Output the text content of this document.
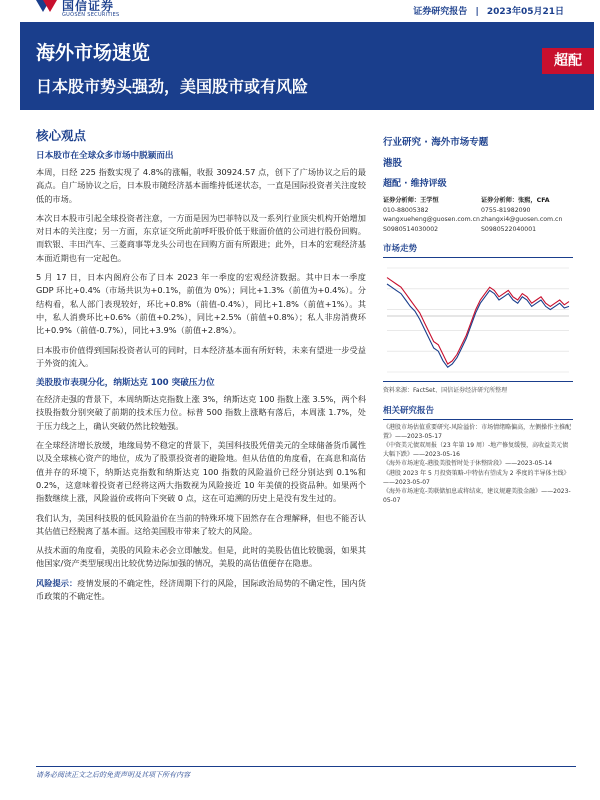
国信证券
GUOSEN SECURITIES	证券研究报告 | 2023年05月21日
海外市场速览
日本股市势头强劲，美国股市或有风险
超配
核心观点
日本股市在全球众多市场中脱颖而出

本周，日经 225 指数实现了 4.8%的涨幅，收报 30924.57 点，创下了广场协议之后的最高点。自广场协议之后，日本股市随经济基本面维持低迷状态，一直是国际投资者关注度较低的市场。

本次日本股市引起全球投资者注意，一方面是因为巴菲特以及一系列行业顶尖机构开始增加对日本的关注度；另一方面，东京证交所此前呼吁股价低于账面价值的公司进行股份回购。而软银、丰田汽车、三菱商事等龙头公司也在回购方面有所跟进；此外，日本的宏观经济基本面近期也有一定起色。

5 月 17 日，日本内阁府公布了日本 2023 年一季度的宏观经济数据。其中日本一季度 GDP 环比+0.4%（市场共识为+0.1%，前值为 0%）；同比+1.3%（前值为+0.4%）。分结构看，私人部门表现较好，环比+0.8%（前值-0.4%），同比+1.8%（前值+1%）。其中，私人消费环比+0.6%（前值+0.2%），同比+2.5%（前值+0.8%）；私人非房消费环比+0.9%（前值-0.7%），同比+3.9%（前值+2.8%）。

日本股市价值得到国际投资者认可的同时，日本经济基本面有所好转，未来有望进一步受益于外资的流入。

美股股市表现分化，纳斯达克 100 突破压力位

在经济走强的背景下，本周纳斯达克指数上涨 3%，纳斯达克 100 指数上涨 3.5%，两个科技股指数分别突破了前期的技术压力位。标普 500 指数上涨略有落后，本周涨 1.7%，处于压力线之上，确认突破仍然比较勉强。

在全球经济增长放缓，地缘局势不稳定的背景下，美国科技股凭借美元的全球储备货币属性以及全球核心资产的地位，成为了股票投资者的避险地。但从估值的角度看，在高息和高估值并存的环境下，纳斯达克指数和纳斯达克 100 指数的风险溢价已经分别达到 0.1%和 0.2%，这意味着投资者已经将这两大指数视为风险接近 10 年美债的投资品种。如果两个指数继续上涨，风险溢价或将向下突破 0 点，这在可追溯的历史上是没有发生过的。

我们认为，美国科技股的低风险溢价在当前的特殊环境下固然存在合理解释，但也不能否认其估值已经脱离了基本面。这给美国股市带来了较大的风险。

从技术面的角度看，美股的风险未必会立即触发。但是，此时的美股估值比较脆弱，如果其他国家/资产类型展现出比较优势边际加强的情况，美股的高估值便存在隐患。

风险提示：疫情发展的不确定性，经济周期下行的风险，国际政治局势的不确定性，国内货币政策的不确定性。

行业研究 · 海外市场专题
港股
超配 · 维持评级
证券分析师：王学恒
010-88005382
wangxueheng@guosen.com.cn
S0980514030002
证券分析师：张熙，CFA
0755-81982090
zhangxi4@guosen.com.cn
S0980522040001
市场走势
资料来源：FactSet、国信证券经济研究所整理
相关研究报告
《港股市场估值重要研究-风险溢价：市场情绪略偏高，左侧操作主推配置》——2023-05-17
《中资美元债双周报（23 年第 19 周）-地产修复缓慢，高收益美元债大幅下跌》——2023-05-16
《海外市场速览-港股美股暂时处于休整阶段》——2023-05-14
《港股 2023 年 5 月投资策略-中特估有望成为 2 季度的半导体主线》——2023-05-07
《海外市场速览-美联储加息或将结束，建议规避美股金融》——2023-05-07
请务必阅读正文之后的免责声明及其项下所有内容
